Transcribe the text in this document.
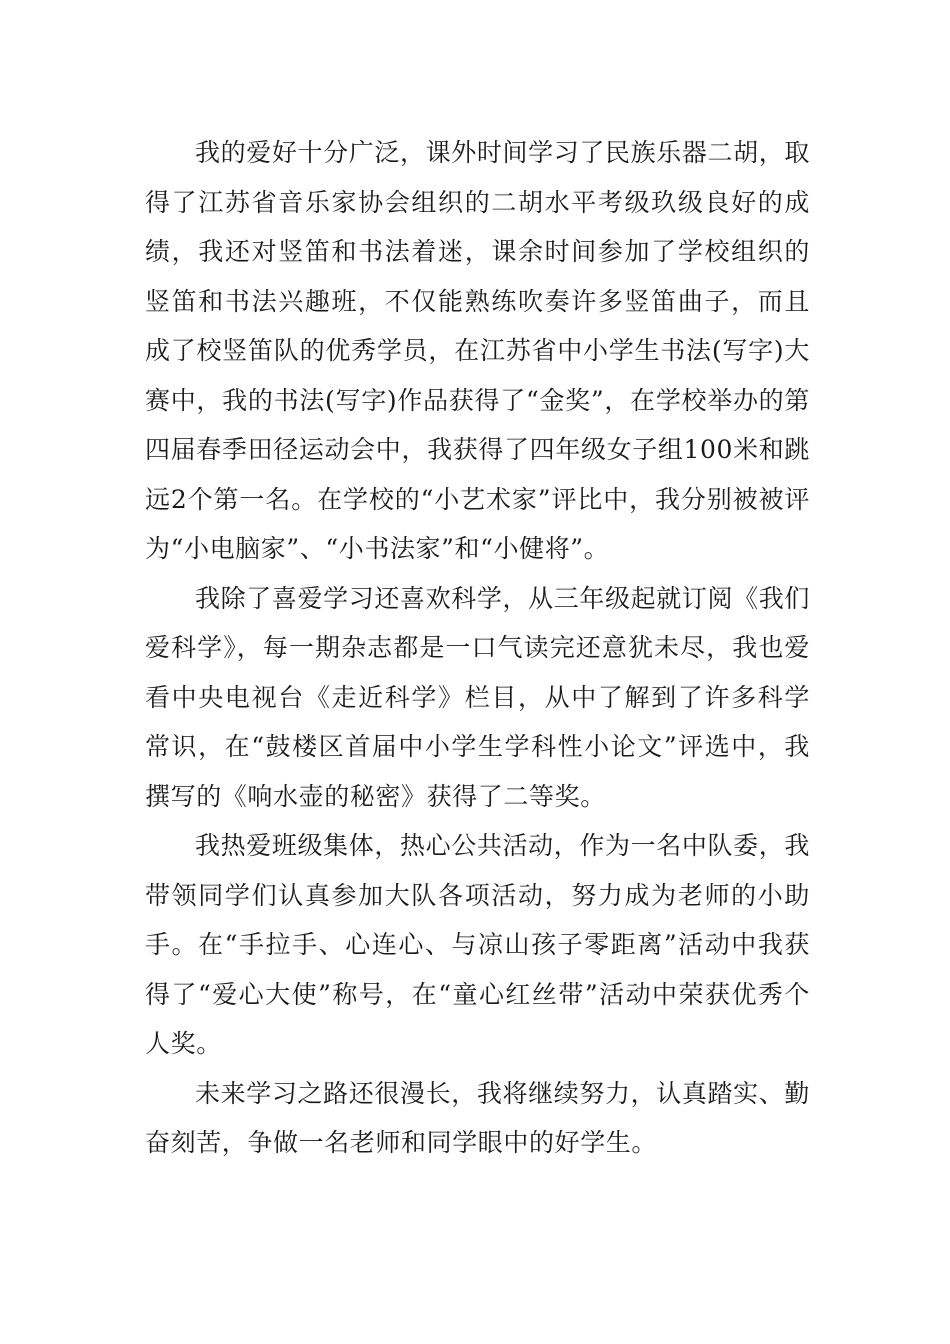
我的爱好十分广泛，课外时间学习了民族乐器二胡，取得了江苏省音乐家协会组织的二胡水平考级玖级良好的成绩，我还对竖笛和书法着迷，课余时间参加了学校组织的竖笛和书法兴趣班，不仅能熟练吹奏许多竖笛曲子，而且成了校竖笛队的优秀学员，在江苏省中小学生书法(写字)大赛中，我的书法(写字)作品获得了“金奖”，在学校举办的第四届春季田径运动会中，我获得了四年级女子组100米和跳远2个第一名。在学校的“小艺术家”评比中，我分别被被评为“小电脑家”、“小书法家”和“小健将”。

我除了喜爱学习还喜欢科学，从三年级起就订阅《我们爱科学》，每一期杂志都是一口气读完还意犹未尽，我也爱看中央电视台《走近科学》栏目，从中了解到了许多科学常识，在“鼓楼区首届中小学生学科性小论文”评选中，我撰写的《响水壶的秘密》获得了二等奖。

我热爱班级集体，热心公共活动，作为一名中队委，我带领同学们认真参加大队各项活动，努力成为老师的小助手。在“手拉手、心连心、与凉山孩子零距离”活动中我获得了“爱心大使”称号，在“童心红丝带”活动中荣获优秀个人奖。

未来学习之路还很漫长，我将继续努力，认真踏实、勤奋刻苦，争做一名老师和同学眼中的好学生。
